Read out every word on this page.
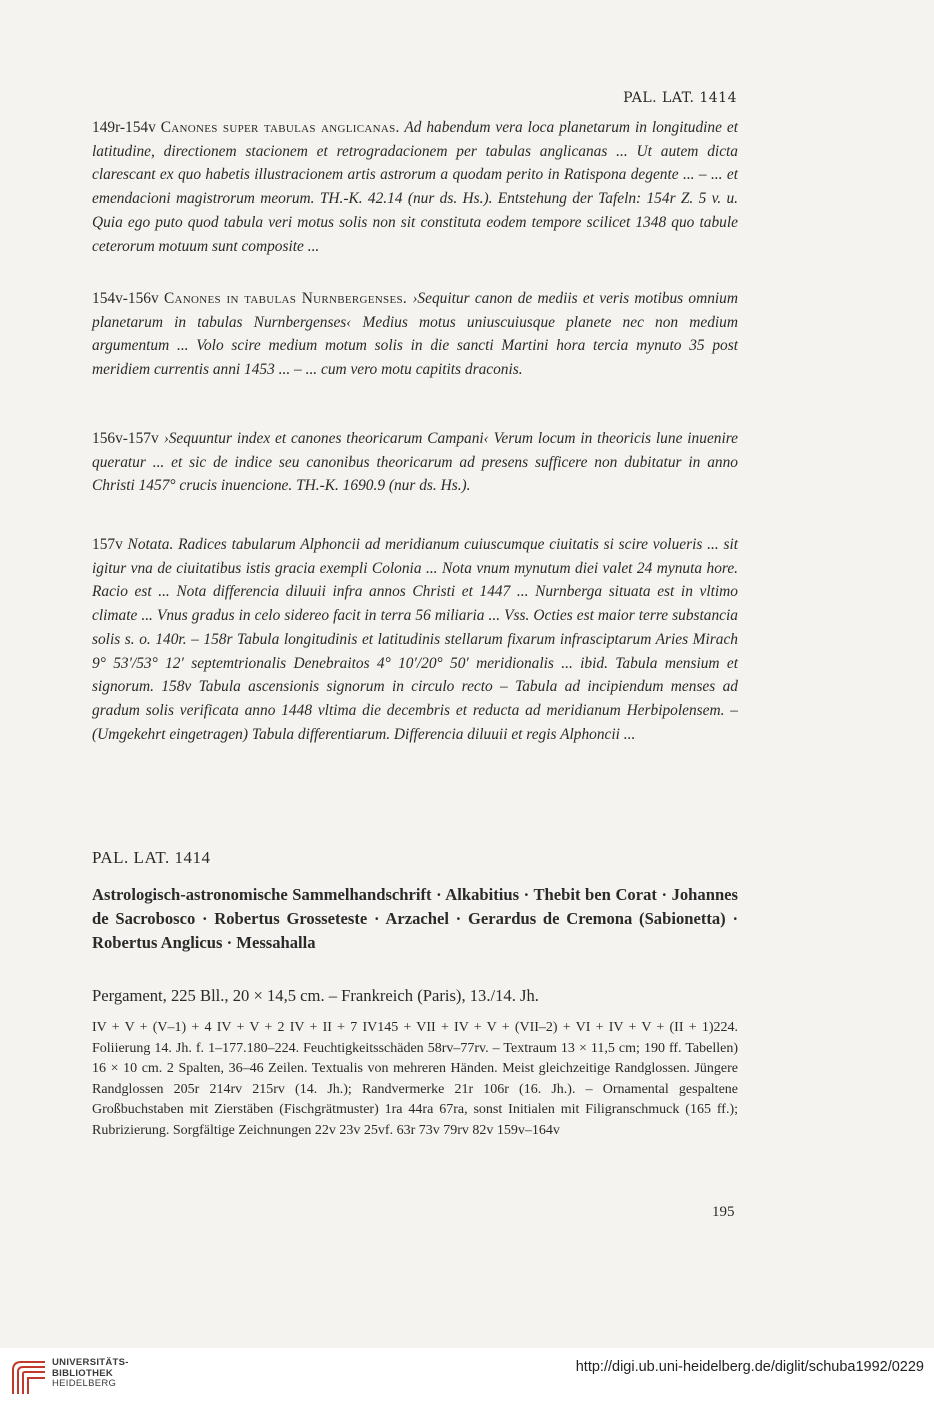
PAL. LAT. 1414

149r-154v Canones super tabulas anglicanas. Ad habendum vera loca planetarum in longitudine et latitudine, directionem stacionem et retrogradacionem per tabulas anglicanas ... Ut autem dicta clarescant ex quo habetis illustracionem artis astrorum a quodam perito in Ratispona degente ... – ... et emendacioni magistrorum meorum. TH.-K. 42.14 (nur ds. Hs.). Entstehung der Tafeln: 154r Z. 5 v. u. Quia ego puto quod tabula veri motus solis non sit constituta eodem tempore scilicet 1348 quo tabule ceterorum motuum sunt composite ...

154v-156v Canones in tabulas Nurnbergenses. ›Sequitur canon de mediis et veris motibus omnium planetarum in tabulas Nurnbergenses‹ Medius motus uniuscuiusque planete nec non medium argumentum ... Volo scire medium motum solis in die sancti Martini hora tercia mynuto 35 post meridiem currentis anni 1453 ... – ... cum vero motu capitits draconis.

156v-157v ›Sequuntur index et canones theoricarum Campani‹ Verum locum in theoricis lune inuenire queratur ... et sic de indice seu canonibus theoricarum ad presens sufficere non dubitatur in anno Christi 1457° crucis inuencione. TH.-K. 1690.9 (nur ds. Hs.).

157v Notata. Radices tabularum Alphoncii ad meridianum cuiuscumque ciuitatis si scire volueris ... sit igitur vna de ciuitatibus istis gracia exempli Colonia ... Nota vnum mynutum diei valet 24 mynuta hore. Racio est ... Nota differencia diluuii infra annos Christi et 1447 ... Nurnberga situata est in vltimo climate ... Vnus gradus in celo sidereo facit in terra 56 miliaria ... Vss. Octies est maior terre substancia solis s. o. 140r. – 158r Tabula longitudinis et latitudinis stellarum fixarum infrasciptarum Aries Mirach 9° 53′/53° 12′ septemtrionalis Denebraitos 4° 10′/20° 50′ meridionalis ... ibid. Tabula mensium et signorum. 158v Tabula ascensionis signorum in circulo recto – Tabula ad incipiendum menses ad gradum solis verificata anno 1448 vltima die decembris et reducta ad meridianum Herbipolensem. – (Umgekehrt eingetragen) Tabula differentiarum. Differencia diluuii et regis Alphoncii ...

PAL. LAT. 1414
Astrologisch-astronomische Sammelhandschrift · Alkabitius · Thebit ben Corat · Johannes de Sacrobosco · Robertus Grosseteste · Arzachel · Gerardus de Cremona (Sabionetta) · Robertus Anglicus · Messahalla
Pergament, 225 Bll., 20 × 14,5 cm. – Frankreich (Paris), 13./14. Jh.
IV + V + (V–1) + 4 IV + V + 2 IV + II + 7 IV145 + VII + IV + V + (VII–2) + VI + IV + V + (II + 1)224. Foliierung 14. Jh. f. 1–177.180–224. Feuchtigkeitsschäden 58rv–77rv. – Textraum 13 × 11,5 cm; 190 ff. Tabellen) 16 × 10 cm. 2 Spalten, 36–46 Zeilen. Textualis von mehreren Händen. Meist gleichzeitige Randglossen. Jüngere Randglossen 205r 214rv 215rv (14. Jh.); Randvermerke 21r 106r (16. Jh.). – Ornamental gespaltene Großbuchstaben mit Zierstäben (Fischgrätmuster) 1ra 44ra 67ra, sonst Initialen mit Filigranschmuck (165 ff.); Rubrizierung. Sorgfältige Zeichnungen 22v 23v 25vf. 63r 73v 79rv 82v 159v–164v
195
UNIVERSITÄTS-
BIBLIOTHEK
HEIDELBERG
http://digi.ub.uni-heidelberg.de/diglit/schuba1992/0229
